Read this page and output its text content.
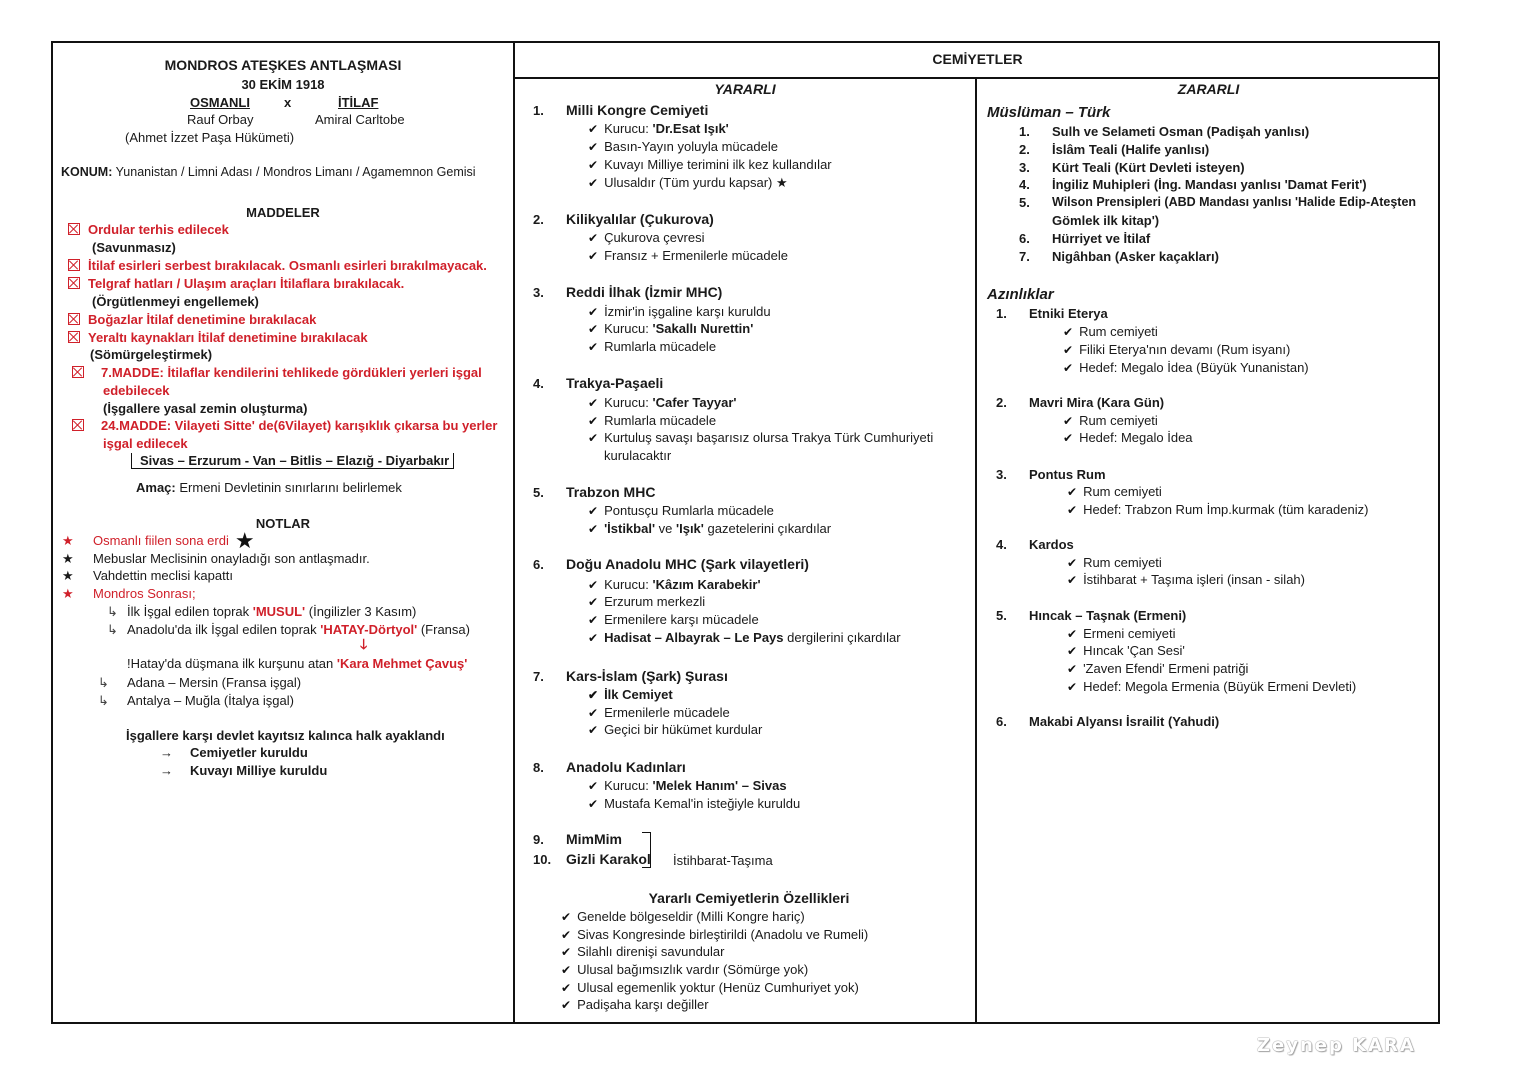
MONDROS ATEŞKES ANTLAŞMASI
30 EKİM 1918
OSMANLI	x	İTİLAF
Rauf Orbay	Amiral Carltobe
(Ahmet İzzet Paşa Hükümeti)
KONUM: Yunanistan / Limni Adası / Mondros Limanı / Agamemnon Gemisi
MADDELER
Ordular terhis edilecek
(Savunmasız)
İtilaf esirleri serbest bırakılacak. Osmanlı esirleri bırakılmayacak.
Telgraf hatları / Ulaşım araçları İtilaflara bırakılacak.
(Örgütlenmeyi engellemek)
Boğazlar İtilaf denetimine bırakılacak
Yeraltı kaynakları İtilaf denetimine bırakılacak
(Sömürgeleştirmek)
7.MADDE: İtilaflar kendilerini tehlikede gördükleri yerleri işgal
edebilecek
(İşgallere yasal zemin oluşturma)
24.MADDE: Vilayeti Sitte' de(6Vilayet) karışıklık çıkarsa bu yerler
işgal edilecek
Sivas – Erzurum - Van – Bitlis – Elazığ - Diyarbakır
Amaç: Ermeni Devletinin sınırlarını belirlemek
NOTLAR
★ Osmanlı fiilen sona erdi ★
★ Mebuslar Meclisinin onayladığı son antlaşmadır.
★ Vahdettin meclisi kapattı
★ Mondros Sonrası;
↳ İlk İşgal edilen toprak 'MUSUL' (İngilizler 3 Kasım)
↳ Anadolu'da ilk İşgal edilen toprak 'HATAY-Dörtyol' (Fransa)
🡓
!Hatay'da düşmana ilk kurşunu atan 'Kara Mehmet Çavuş'
↳ Adana – Mersin (Fransa işgal)
↳ Antalya – Muğla (İtalya işgal)
İşgallere karşı devlet kayıtsız kalınca halk ayaklandı
→ Cemiyetler kuruldu
→ Kuvayı Milliye kuruldu
CEMİYETLER
YARARLI	ZARARLI
1. Milli Kongre Cemiyeti
✔ Kurucu: 'Dr.Esat Işık'
✔ Basın-Yayın yoluyla mücadele
✔ Kuvayı Milliye terimini ilk kez kullandılar
✔ Ulusaldır (Tüm yurdu kapsar) ★
2. Kilikyalılar (Çukurova)
✔ Çukurova çevresi
✔ Fransız + Ermenilerle mücadele
3. Reddi İlhak (İzmir MHC)
✔ İzmir'in işgaline karşı kuruldu
✔ Kurucu: 'Sakallı Nurettin'
✔ Rumlarla mücadele
4. Trakya-Paşaeli
✔ Kurucu: 'Cafer Tayyar'
✔ Rumlarla mücadele
✔ Kurtuluş savaşı başarısız olursa Trakya Türk Cumhuriyeti
kurulacaktır
5. Trabzon MHC
✔ Pontusçu Rumlarla mücadele
✔ 'İstikbal' ve 'Işık' gazetelerini çıkardılar
6. Doğu Anadolu MHC (Şark vilayetleri)
✔ Kurucu: 'Kâzım Karabekir'
✔ Erzurum merkezli
✔ Ermenilere karşı mücadele
✔ Hadisat – Albayrak – Le Pays dergilerini çıkardılar
7. Kars-İslam (Şark) Şurası
✔ İlk Cemiyet
✔ Ermenilerle mücadele
✔ Geçici bir hükümet kurdular
8. Anadolu Kadınları
✔ Kurucu: 'Melek Hanım' – Sivas
✔ Mustafa Kemal'in isteğiyle kuruldu
9. MimMim
10. Gizli Karakol İstihbarat-Taşıma
Yararlı Cemiyetlerin Özellikleri
✔ Genelde bölgeseldir (Milli Kongre hariç)
✔ Sivas Kongresinde birleştirildi (Anadolu ve Rumeli)
✔ Silahlı direnişi savundular
✔ Ulusal bağımsızlık vardır (Sömürge yok)
✔ Ulusal egemenlik yoktur (Henüz Cumhuriyet yok)
✔ Padişaha karşı değiller
Müslüman – Türk
1. Sulh ve Selameti Osman (Padişah yanlısı)
2. İslâm Teali (Halife yanlısı)
3. Kürt Teali (Kürt Devleti isteyen)
4. İngiliz Muhipleri (İng. Mandası yanlısı 'Damat Ferit')
5. Wilson Prensipleri (ABD Mandası yanlısı 'Halide Edip-Ateşten
Gömlek ilk kitap')
6. Hürriyet ve İtilaf
7. Nigâhban (Asker kaçakları)
Azınlıklar
1. Etniki Eterya
✔ Rum cemiyeti
✔ Filiki Eterya'nın devamı (Rum isyanı)
✔ Hedef: Megalo İdea (Büyük Yunanistan)
2. Mavri Mira (Kara Gün)
✔ Rum cemiyeti
✔ Hedef: Megalo İdea
3. Pontus Rum
✔ Rum cemiyeti
✔ Hedef: Trabzon Rum İmp.kurmak (tüm karadeniz)
4. Kardos
✔ Rum cemiyeti
✔ İstihbarat + Taşıma işleri (insan - silah)
5. Hıncak – Taşnak (Ermeni)
✔ Ermeni cemiyeti
✔ Hıncak 'Çan Sesi'
✔ 'Zaven Efendi' Ermeni patriği
✔ Hedef: Megola Ermenia (Büyük Ermeni Devleti)
6. Makabi Alyansı İsrailit (Yahudi)
Zeynep KARA
